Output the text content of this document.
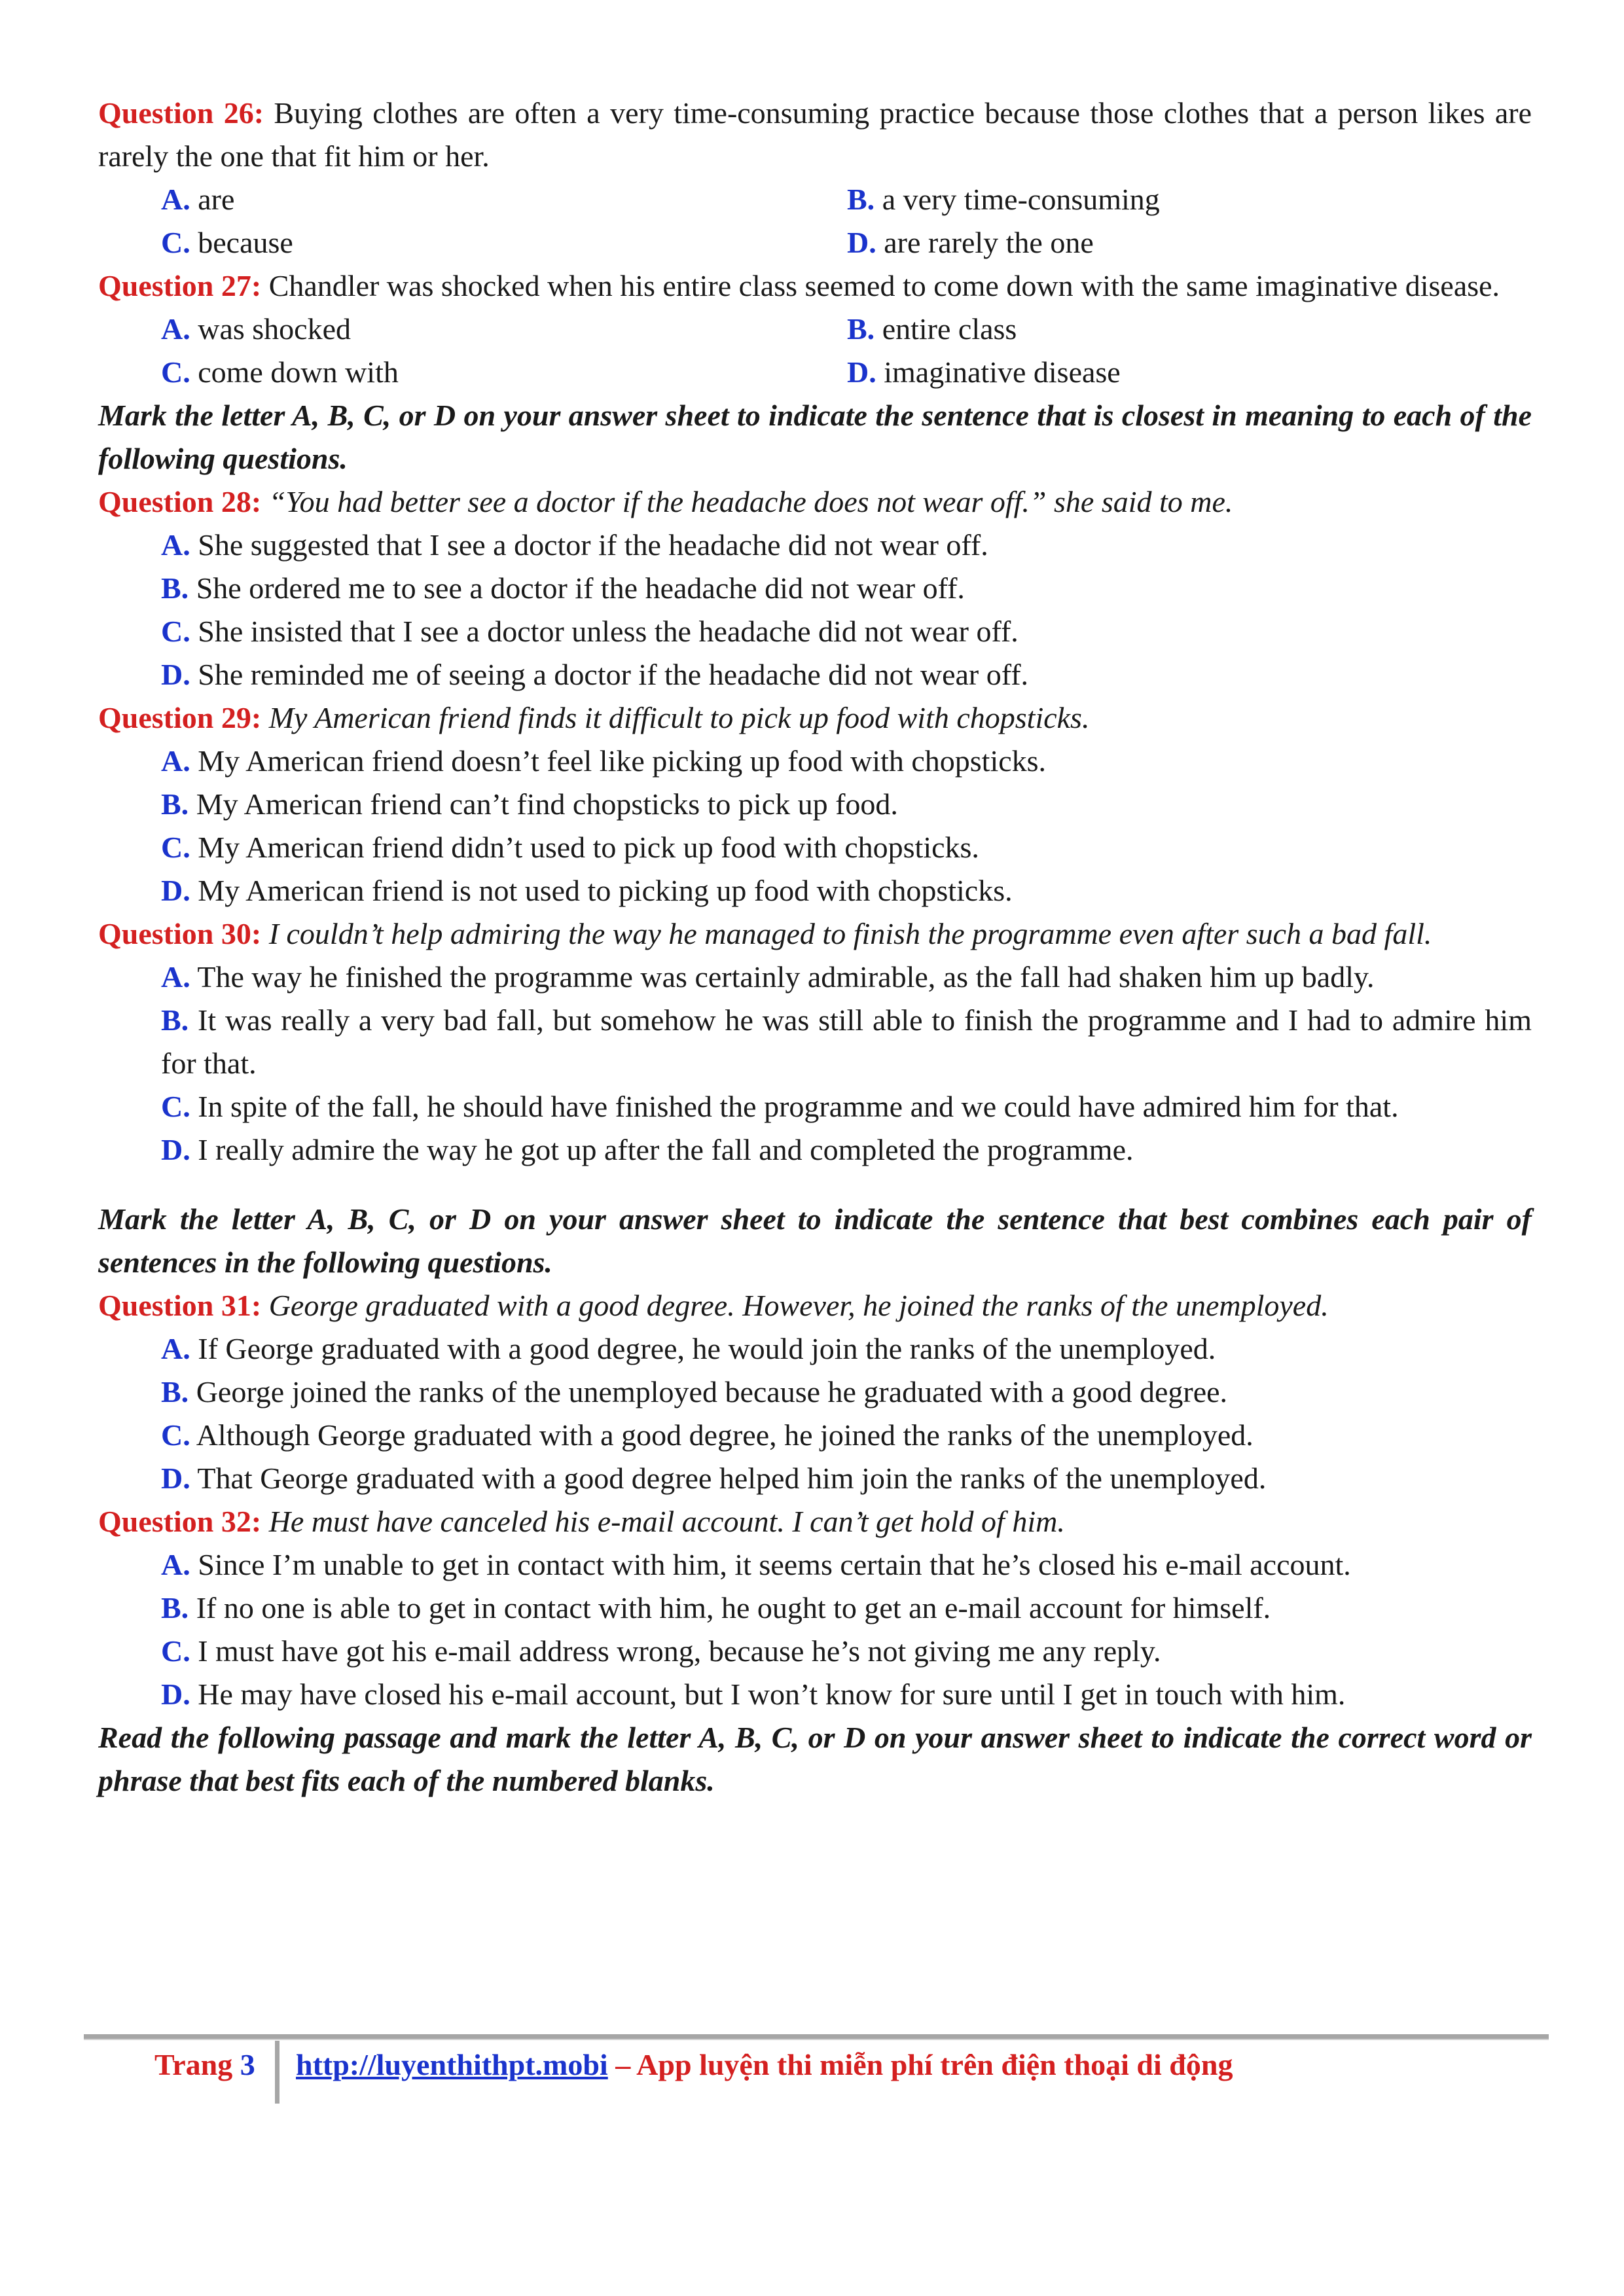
Question 26: Buying clothes are often a very time-consuming practice because those clothes that a person likes are rarely the one that fit him or her.
A. are	B. a very time-consuming
C. because	D. are rarely the one
Question 27: Chandler was shocked when his entire class seemed to come down with the same imaginative disease.
A. was shocked	B. entire class
C. come down with	D. imaginative disease
Mark the letter A, B, C, or D on your answer sheet to indicate the sentence that is closest in meaning to each of the following questions.
Question 28: “You had better see a doctor if the headache does not wear off.” she said to me.
A. She suggested that I see a doctor if the headache did not wear off.
B. She ordered me to see a doctor if the headache did not wear off.
C. She insisted that I see a doctor unless the headache did not wear off.
D. She reminded me of seeing a doctor if the headache did not wear off.
Question 29: My American friend finds it difficult to pick up food with chopsticks.
A. My American friend doesn’t feel like picking up food with chopsticks.
B. My American friend can’t find chopsticks to pick up food.
C. My American friend didn’t used to pick up food with chopsticks.
D. My American friend is not used to picking up food with chopsticks.
Question 30: I couldn’t help admiring the way he managed to finish the programme even after such a bad fall.
A. The way he finished the programme was certainly admirable, as the fall had shaken him up badly.
B. It was really a very bad fall, but somehow he was still able to finish the programme and I had to admire him for that.
C. In spite of the fall, he should have finished the programme and we could have admired him for that.
D. I really admire the way he got up after the fall and completed the programme.
Mark the letter A, B, C, or D on your answer sheet to indicate the sentence that best combines each pair of sentences in the following questions.
Question 31: George graduated with a good degree. However, he joined the ranks of the unemployed.
A. If George graduated with a good degree, he would join the ranks of the unemployed.
B. George joined the ranks of the unemployed because he graduated with a good degree.
C. Although George graduated with a good degree, he joined the ranks of the unemployed.
D. That George graduated with a good degree helped him join the ranks of the unemployed.
Question 32: He must have canceled his e-mail account. I can’t get hold of him.
A. Since I’m unable to get in contact with him, it seems certain that he’s closed his e-mail account.
B. If no one is able to get in contact with him, he ought to get an e-mail account for himself.
C. I must have got his e-mail address wrong, because he’s not giving me any reply.
D. He may have closed his e-mail account, but I won’t know for sure until I get in touch with him.
Read the following passage and mark the letter A, B, C, or D on your answer sheet to indicate the correct word or phrase that best fits each of the numbered blanks.
Trang 3 http://luyenthithpt.mobi – App luyện thi miễn phí trên điện thoại di động
